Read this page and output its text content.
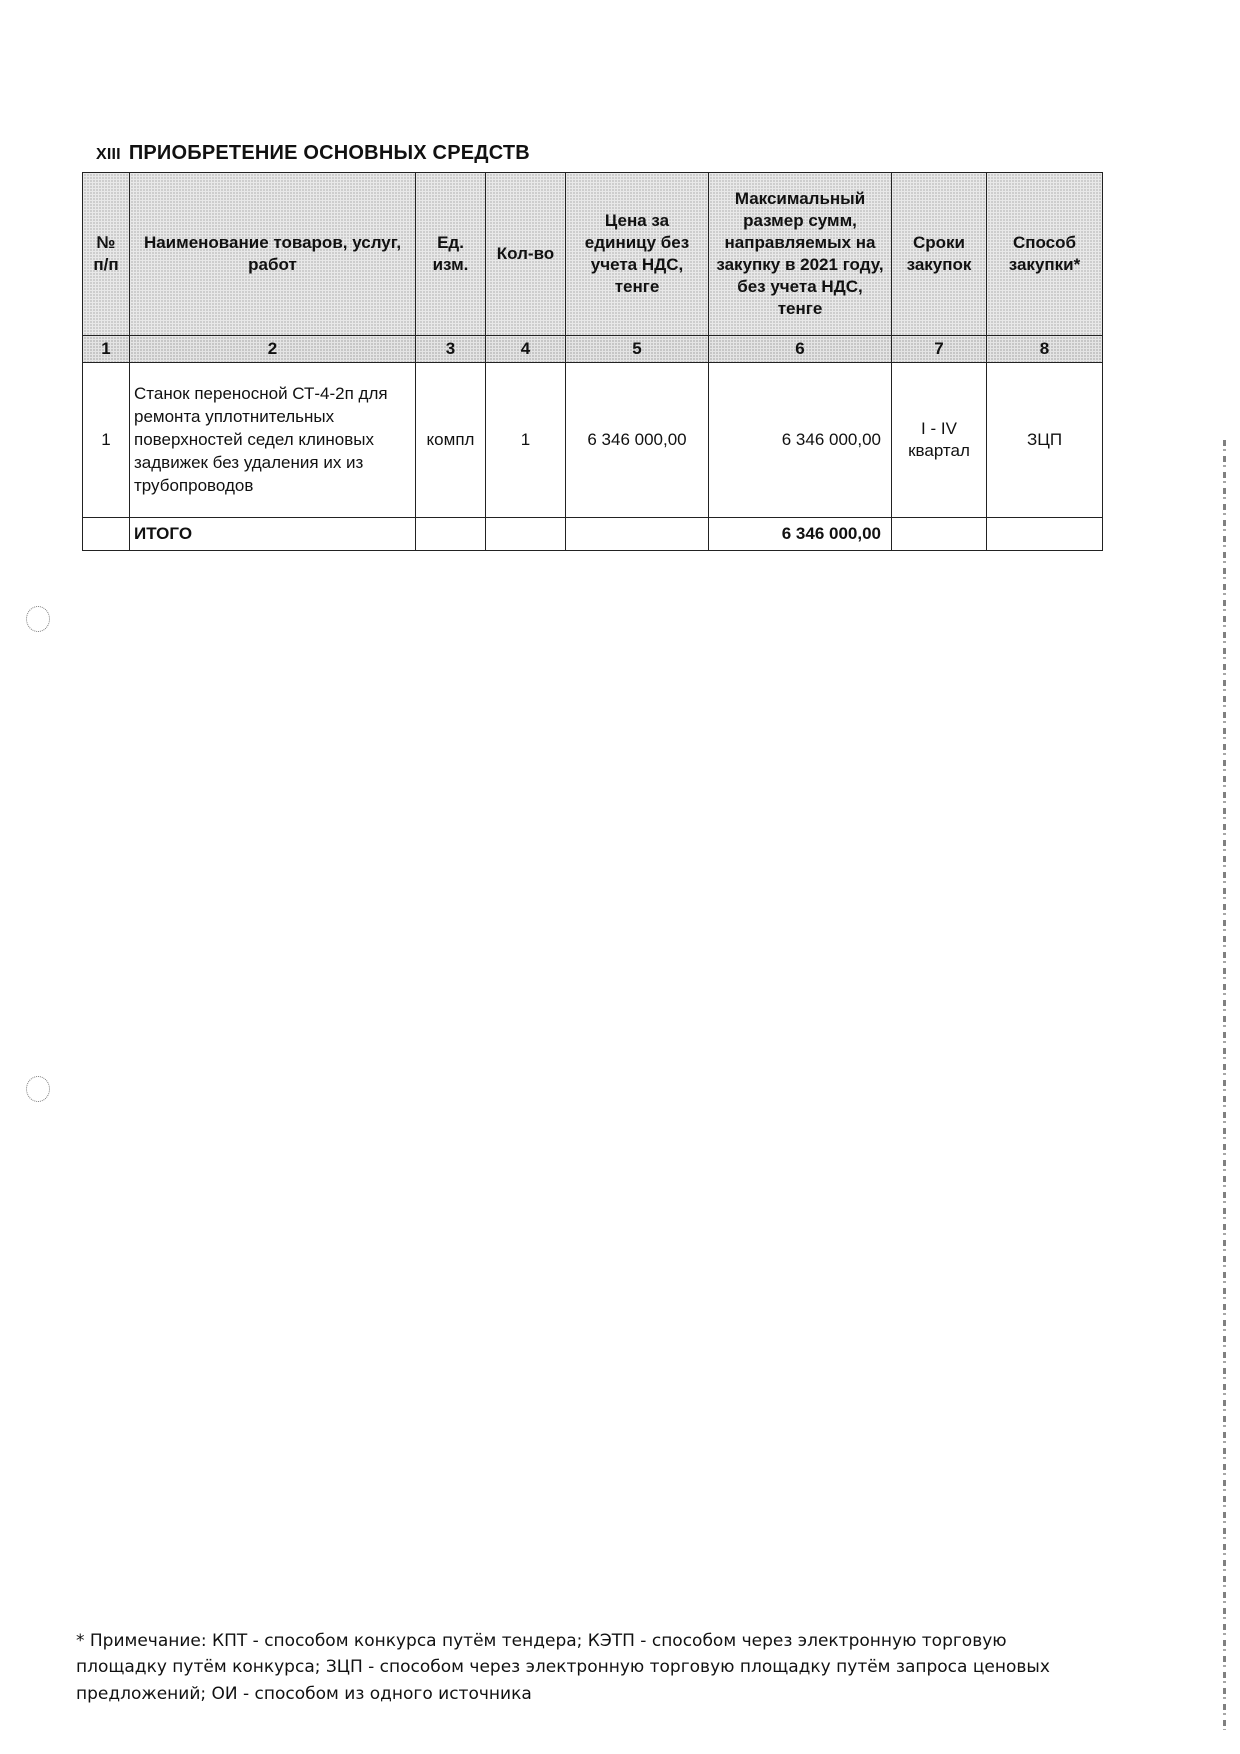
XIII ПРИОБРЕТЕНИЕ ОСНОВНЫХ СРЕДСТВ
№ п/п	Наименование товаров, услуг, работ	Ед. изм.	Кол-во	Цена за единицу без учета НДС, тенге	Максимальный размер сумм, направляемых на закупку в 2021 году, без учета НДС, тенге	Сроки закупок	Способ закупки*
1	2	3	4	5	6	7	8
1	Станок переносной СТ-4-2п для ремонта уплотнительных поверхностей седел клиновых задвижек без удаления их из трубопроводов	компл	1	6 346 000,00	6 346 000,00	I - IV квартал	ЗЦП
	ИТОГО				6 346 000,00		
* Примечание: КПТ - способом конкурса путём тендера; КЭТП - способом через электронную торговую площадку путём конкурса; ЗЦП - способом через электронную торговую площадку путём запроса ценовых предложений; ОИ - способом из одного источника
